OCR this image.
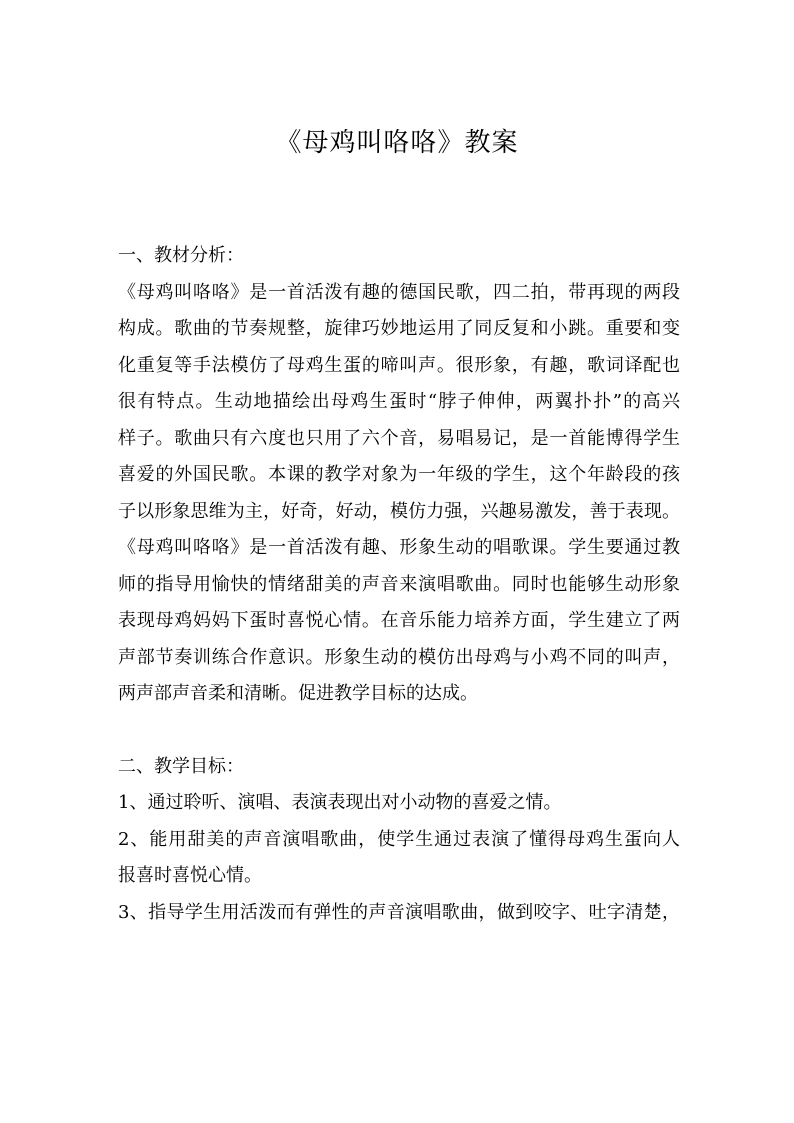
《母鸡叫咯咯》教案
一、教材分析：
《母鸡叫咯咯》是一首活泼有趣的德国民歌，四二拍，带再现的两段
构成。歌曲的节奏规整，旋律巧妙地运用了同反复和小跳。重要和变
化重复等手法模仿了母鸡生蛋的啼叫声。很形象，有趣，歌词译配也
很有特点。生动地描绘出母鸡生蛋时“脖子伸伸，两翼扑扑”的高兴
样子。歌曲只有六度也只用了六个音，易唱易记，是一首能博得学生
喜爱的外国民歌。本课的教学对象为一年级的学生，这个年龄段的孩
子以形象思维为主，好奇，好动，模仿力强，兴趣易激发，善于表现。
《母鸡叫咯咯》是一首活泼有趣、形象生动的唱歌课。学生要通过教
师的指导用愉快的情绪甜美的声音来演唱歌曲。同时也能够生动形象
表现母鸡妈妈下蛋时喜悦心情。在音乐能力培养方面，学生建立了两
声部节奏训练合作意识。形象生动的模仿出母鸡与小鸡不同的叫声，
两声部声音柔和清晰。促进教学目标的达成。
二、教学目标：
1、通过聆听、演唱、表演表现出对小动物的喜爱之情。
2、能用甜美的声音演唱歌曲，使学生通过表演了懂得母鸡生蛋向人
报喜时喜悦心情。
3、指导学生用活泼而有弹性的声音演唱歌曲，做到咬字、吐字清楚，
